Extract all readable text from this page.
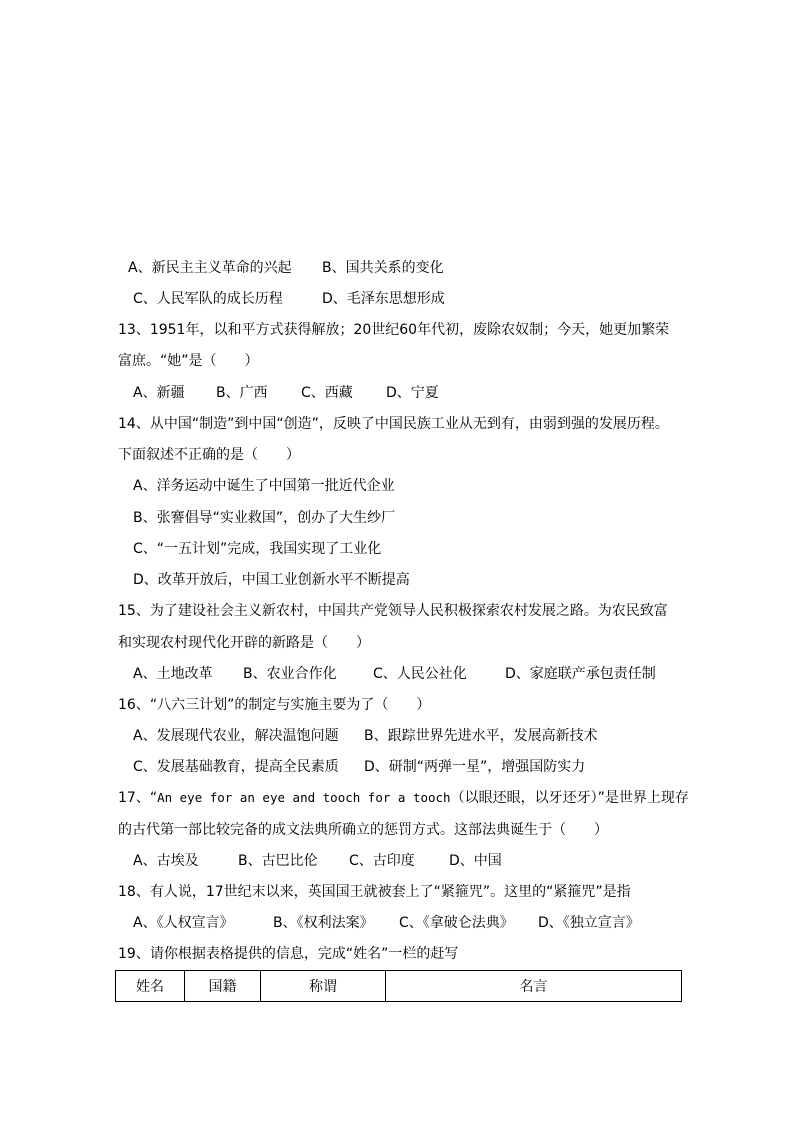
A、新民主主义革命的兴起 B、国共关系的变化
C、人民军队的成长历程	D、毛泽东思想形成
13、1951年，以和平方式获得解放；20世纪60年代初，废除农奴制；今天，她更加繁荣
富庶。“她”是（　　）
A、新疆 B、广西 C、西藏 D、宁夏
14、从中国“制造”到中国“创造”，反映了中国民族工业从无到有，由弱到强的发展历程。
下面叙述不正确的是（　　）
A、洋务运动中诞生了中国第一批近代企业
B、张謇倡导“实业救国”，创办了大生纱厂
C、“一五计划”完成，我国实现了工业化
D、改革开放后，中国工业创新水平不断提高
15、为了建设社会主义新农村，中国共产党领导人民积极探索农村发展之路。为农民致富
和实现农村现代化开辟的新路是（　　）
A、土地改革 B、农业合作化	C、人民公社化	D、家庭联产承包责任制
16、“八六三计划”的制定与实施主要为了（　　）
A、发展现代农业，解决温饱问题 B、跟踪世界先进水平，发展高新技术
C、发展基础教育，提高全民素质 D、研制“两弹一星”，增强国防实力
17、“An eye for an eye and tooch for a tooch（以眼还眼，以牙还牙）”是世界上现存
的古代第一部比较完备的成文法典所确立的惩罚方式。这部法典诞生于（　　）
A、古埃及	B、古巴比伦 C、古印度 D、中国
18、有人说，17世纪末以来，英国国王就被套上了“紧箍咒”。这里的“紧箍咒”是指
A、《人权宣言》	B、《权利法案》 C、《拿破仑法典》 D、《独立宣言》
19、请你根据表格提供的信息，完成“姓名”一栏的赶写
姓名	国籍	称谓	名言
